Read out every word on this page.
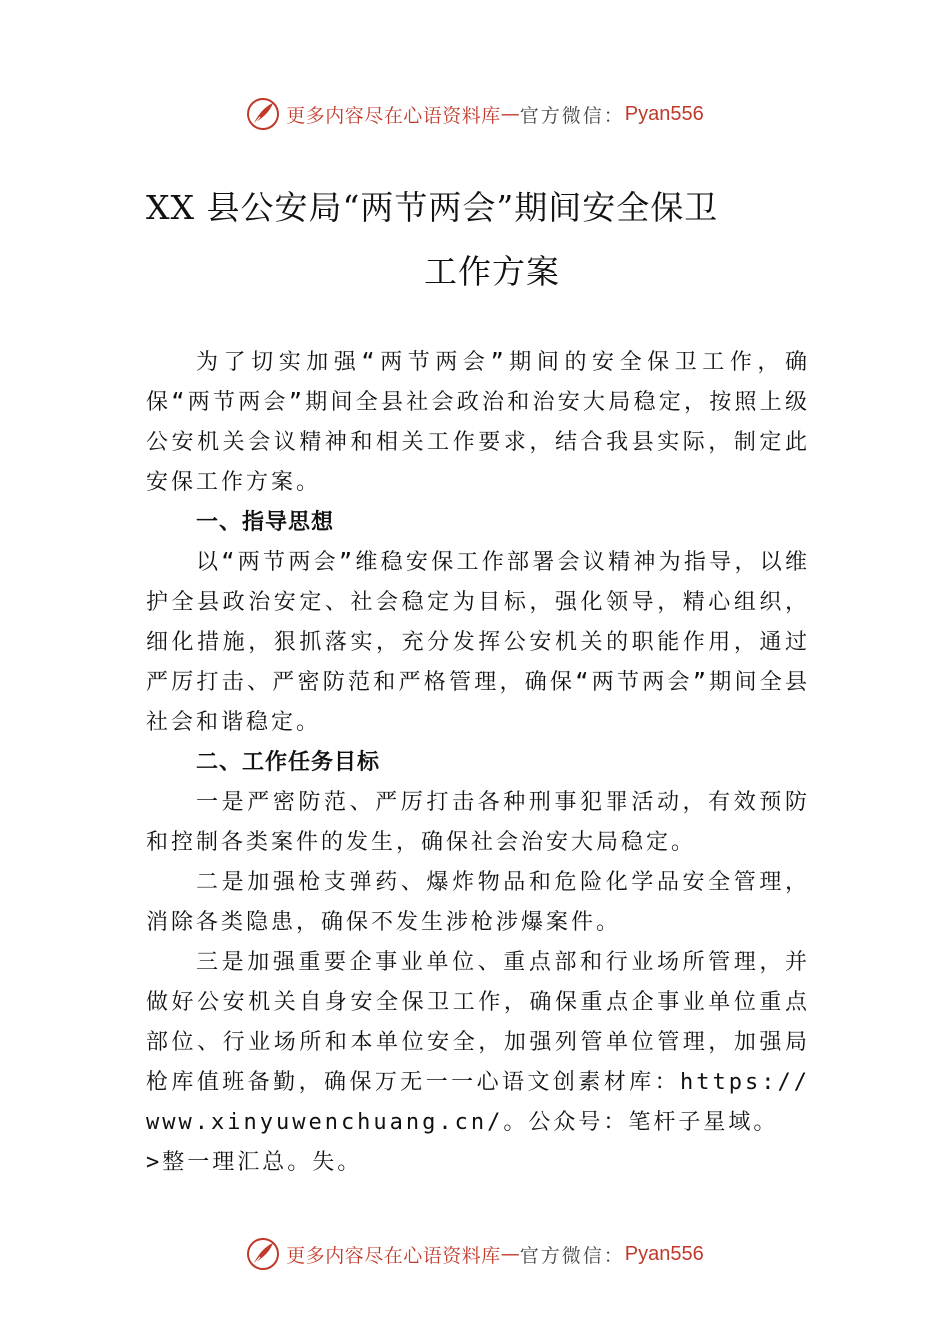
更多内容尽在心语资料库 — 官方微信： Pyan556
XX 县公安局“两节两会”期间安全保卫
工作方案

为了切实加强“两节两会”期间的安全保卫工作，确保“两节两会”期间全县社会政治和治安大局稳定，按照上级公安机关会议精神和相关工作要求，结合我县实际，制定此安保工作方案。

一、指导思想

以“两节两会”维稳安保工作部署会议精神为指导，以维护全县政治安定、社会稳定为目标，强化领导，精心组织， 细化措施，狠抓落实，充分发挥公安机关的职能作用，通过严厉打击、严密防范和严格管理，确保“两节两会”期间全县社会和谐稳定。

二、工作任务目标

一是严密防范、严厉打击各种刑事犯罪活动，有效预防和控制各类案件的发生，确保社会治安大局稳定。

二是加强枪支弹药、爆炸物品和危险化学品安全管理，消除各类隐患，确保不发生涉枪涉爆案件。

三是加强重要企事业单位、重点部和行业场所管理，并做好公安机关自身安全保卫工作，确保重点企事业单位重点部位、行业场所和本单位安全，加强列管单位管理，加强局枪库值班备勤，确保万无一一心语文创素材库：https://www.xinyuwenchuang.cn/。公众号：笔杆子星域。

>整一理汇总。失。

更多内容尽在心语资料库 — 官方微信： Pyan556
